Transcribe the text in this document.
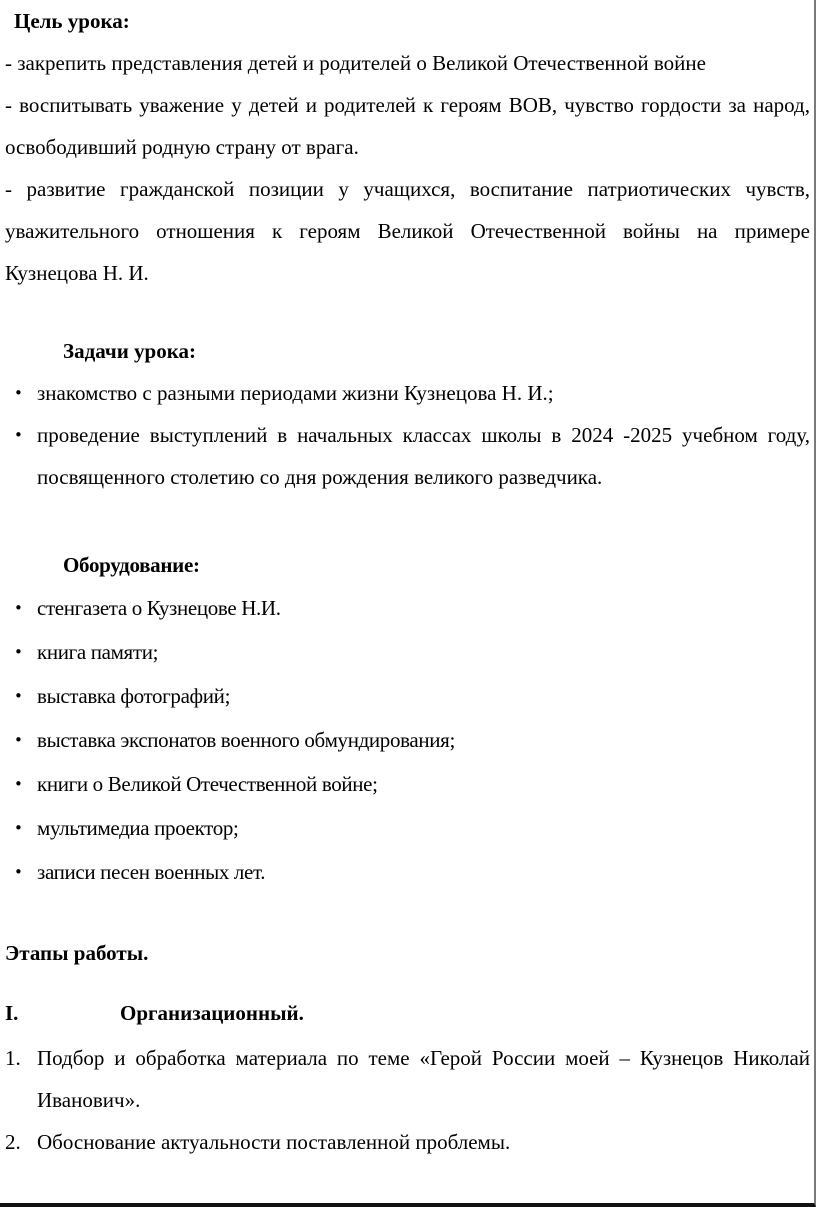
Цель урока:

- закрепить представления детей и родителей о Великой Отечественной войне

- воспитывать уважение у детей и родителей к героям ВОВ, чувство гордости за народ, освободивший родную страну от врага.

- развитие гражданской позиции у учащихся, воспитание патриотических чувств, уважительного отношения к героям Великой Отечественной войны на примере Кузнецова Н. И.

Задачи урока:

• знакомство с разными периодами жизни Кузнецова Н. И.;
• проведение выступлений в начальных классах школы в 2024 -2025 учебном году, посвященного столетию со дня рождения великого разведчика.

Оборудование:

• стенгазета о Кузнецове Н.И.
• книга памяти;
• выставка фотографий;
• выставка экспонатов военного обмундирования;
• книги о Великой Отечественной войне;
• мультимедиа проектор;
• записи песен военных лет.

Этапы работы.

I.	Организационный.

1. Подбор и обработка материала по теме «Герой России моей – Кузнецов Николай Иванович».
2. Обоснование актуальности поставленной проблемы.
